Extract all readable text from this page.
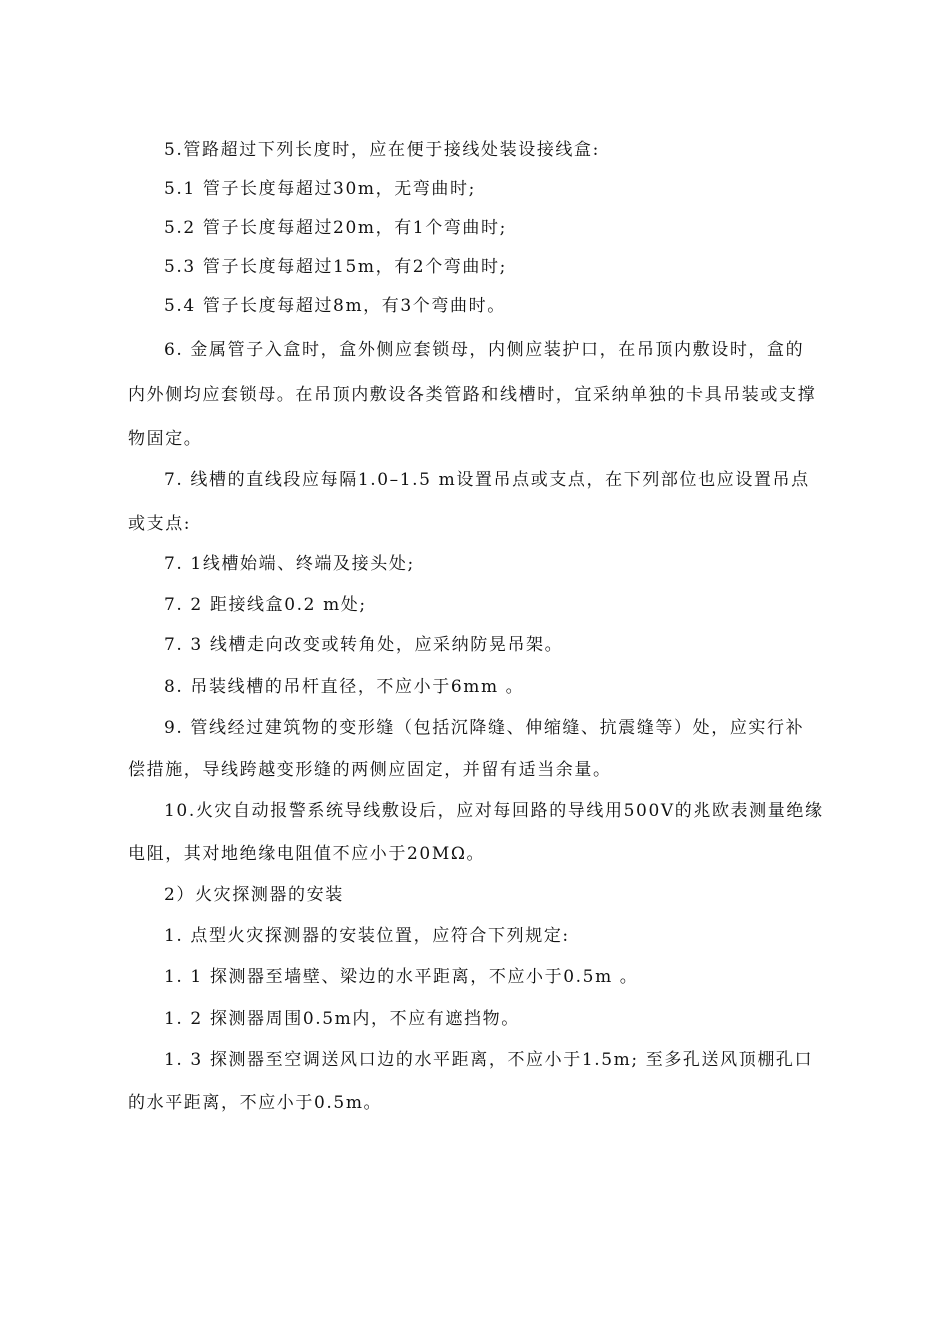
5.管路超过下列长度时，应在便于接线处装设接线盒:
5.1 管子长度每超过30m，无弯曲时;
5.2 管子长度每超过20m，有1个弯曲时;
5.3 管子长度每超过15m，有2个弯曲时;
5.4 管子长度每超过8m，有3个弯曲时。
6. 金属管子入盒时，盒外侧应套锁母，内侧应装护口，在吊顶内敷设时，盒的
内外侧均应套锁母。在吊顶内敷设各类管路和线槽时，宜采纳单独的卡具吊装或支撑
物固定。
7. 线槽的直线段应每隔1.0–1.5 m设置吊点或支点，在下列部位也应设置吊点
或支点:
7. 1线槽始端、终端及接头处;
7. 2 距接线盒0.2 m处;
7. 3 线槽走向改变或转角处，应采纳防晃吊架。
8. 吊装线槽的吊杆直径，不应小于6mm 。
9. 管线经过建筑物的变形缝（包括沉降缝、伸缩缝、抗震缝等）处，应实行补
偿措施，导线跨越变形缝的两侧应固定，并留有适当余量。
10.火灾自动报警系统导线敷设后，应对每回路的导线用500V的兆欧表测量绝缘
电阻，其对地绝缘电阻值不应小于20MΩ。
2）火灾探测器的安装
1. 点型火灾探测器的安装位置，应符合下列规定:
1. 1 探测器至墙壁、梁边的水平距离，不应小于0.5m 。
1. 2 探测器周围0.5m内，不应有遮挡物。
1. 3 探测器至空调送风口边的水平距离，不应小于1.5m; 至多孔送风顶棚孔口
的水平距离，不应小于0.5m。
